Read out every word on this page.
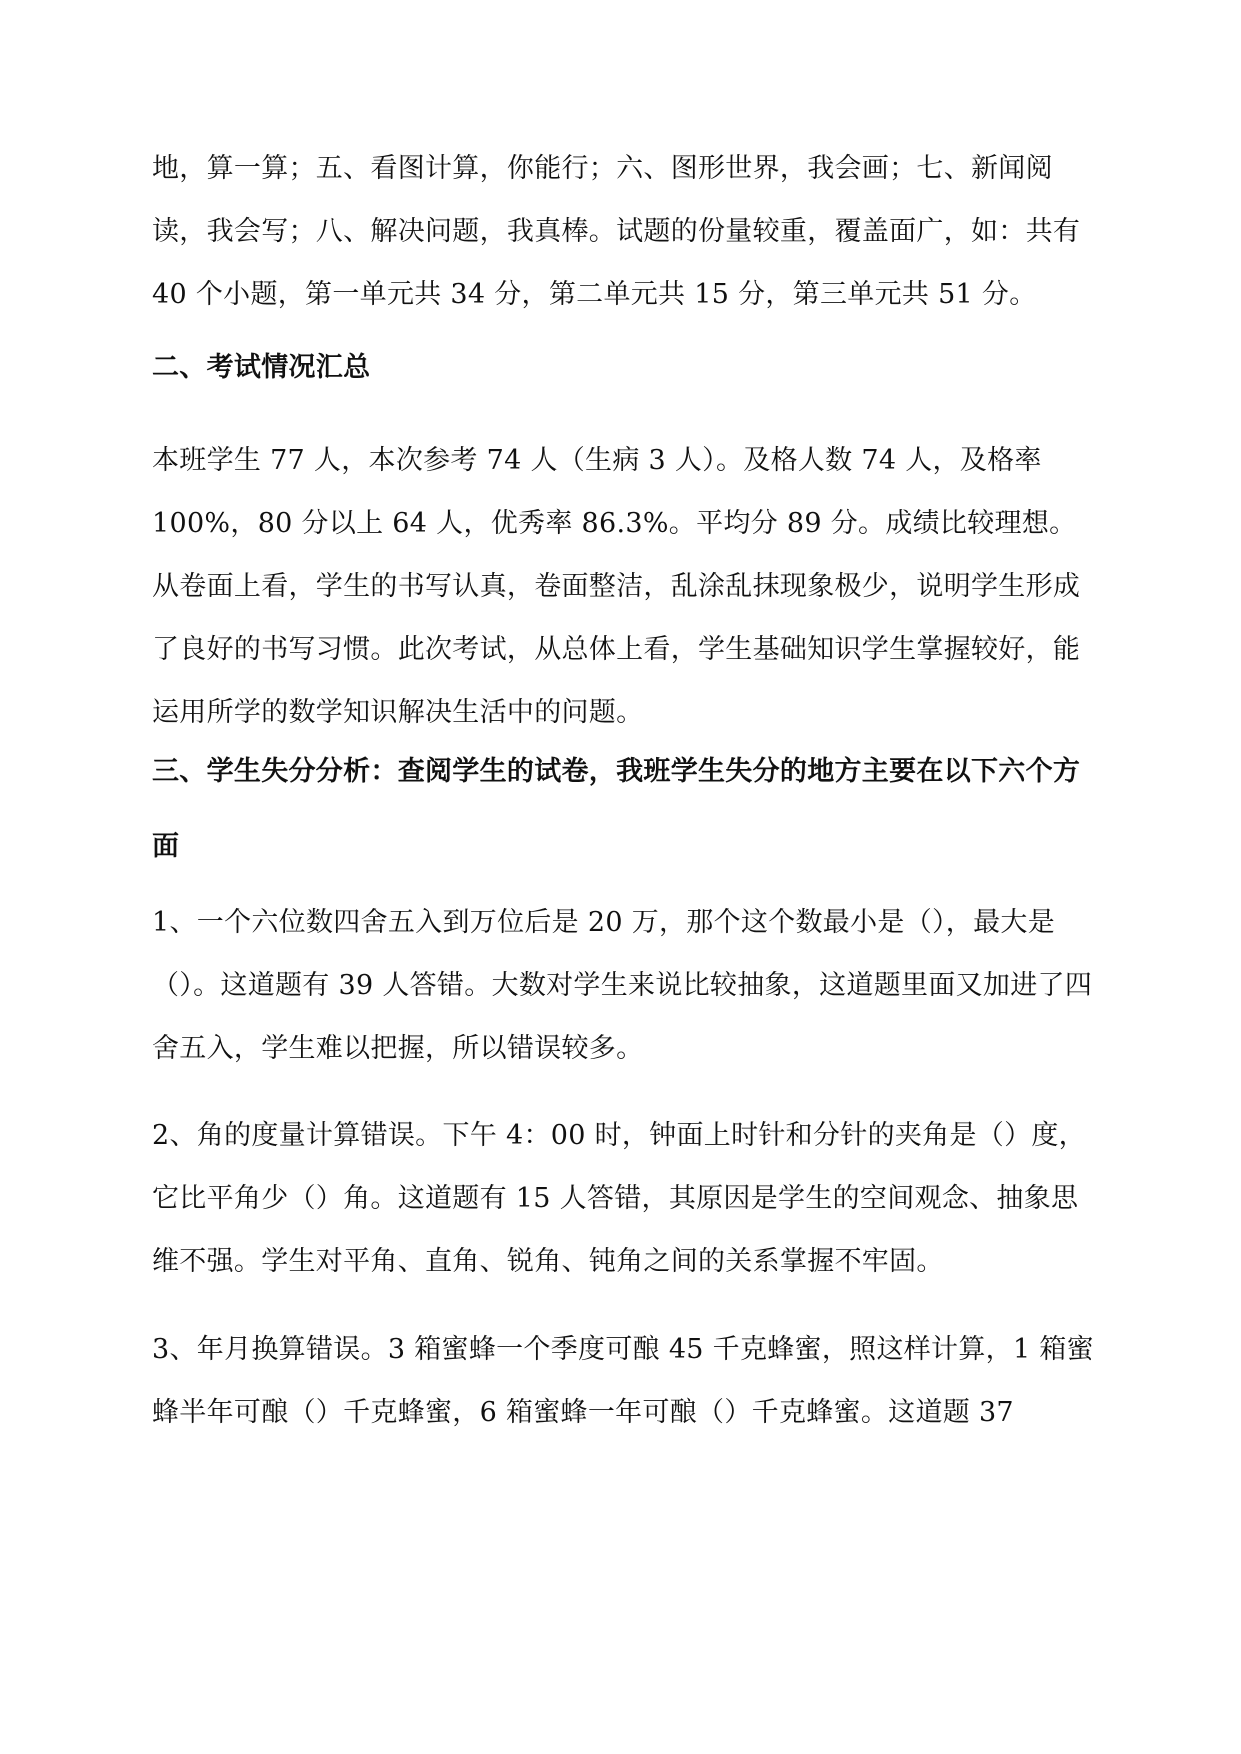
地，算一算；五、看图计算，你能行；六、图形世界，我会画；七、新闻阅读，我会写；八、解决问题，我真棒。试题的份量较重，覆盖面广，如：共有 40 个小题，第一单元共 34 分，第二单元共 15 分，第三单元共 51 分。

二、考试情况汇总

本班学生 77 人，本次参考 74 人（生病 3 人）。及格人数 74 人，及格率 100%，80 分以上 64 人，优秀率 86.3%。平均分 89 分。成绩比较理想。从卷面上看，学生的书写认真，卷面整洁，乱涂乱抹现象极少，说明学生形成了良好的书写习惯。此次考试，从总体上看，学生基础知识学生掌握较好，能运用所学的数学知识解决生活中的问题。

三、学生失分分析：查阅学生的试卷，我班学生失分的地方主要在以下六个方面

1、一个六位数四舍五入到万位后是 20 万，那个这个数最小是（），最大是（）。这道题有 39 人答错。大数对学生来说比较抽象，这道题里面又加进了四舍五入，学生难以把握，所以错误较多。

2、角的度量计算错误。下午 4：00 时，钟面上时针和分针的夹角是（）度，它比平角少（）角。这道题有 15 人答错，其原因是学生的空间观念、抽象思维不强。学生对平角、直角、锐角、钝角之间的关系掌握不牢固。

3、年月换算错误。3 箱蜜蜂一个季度可酿 45 千克蜂蜜，照这样计算，1 箱蜜蜂半年可酿（）千克蜂蜜，6 箱蜜蜂一年可酿（）千克蜂蜜。这道题 37
